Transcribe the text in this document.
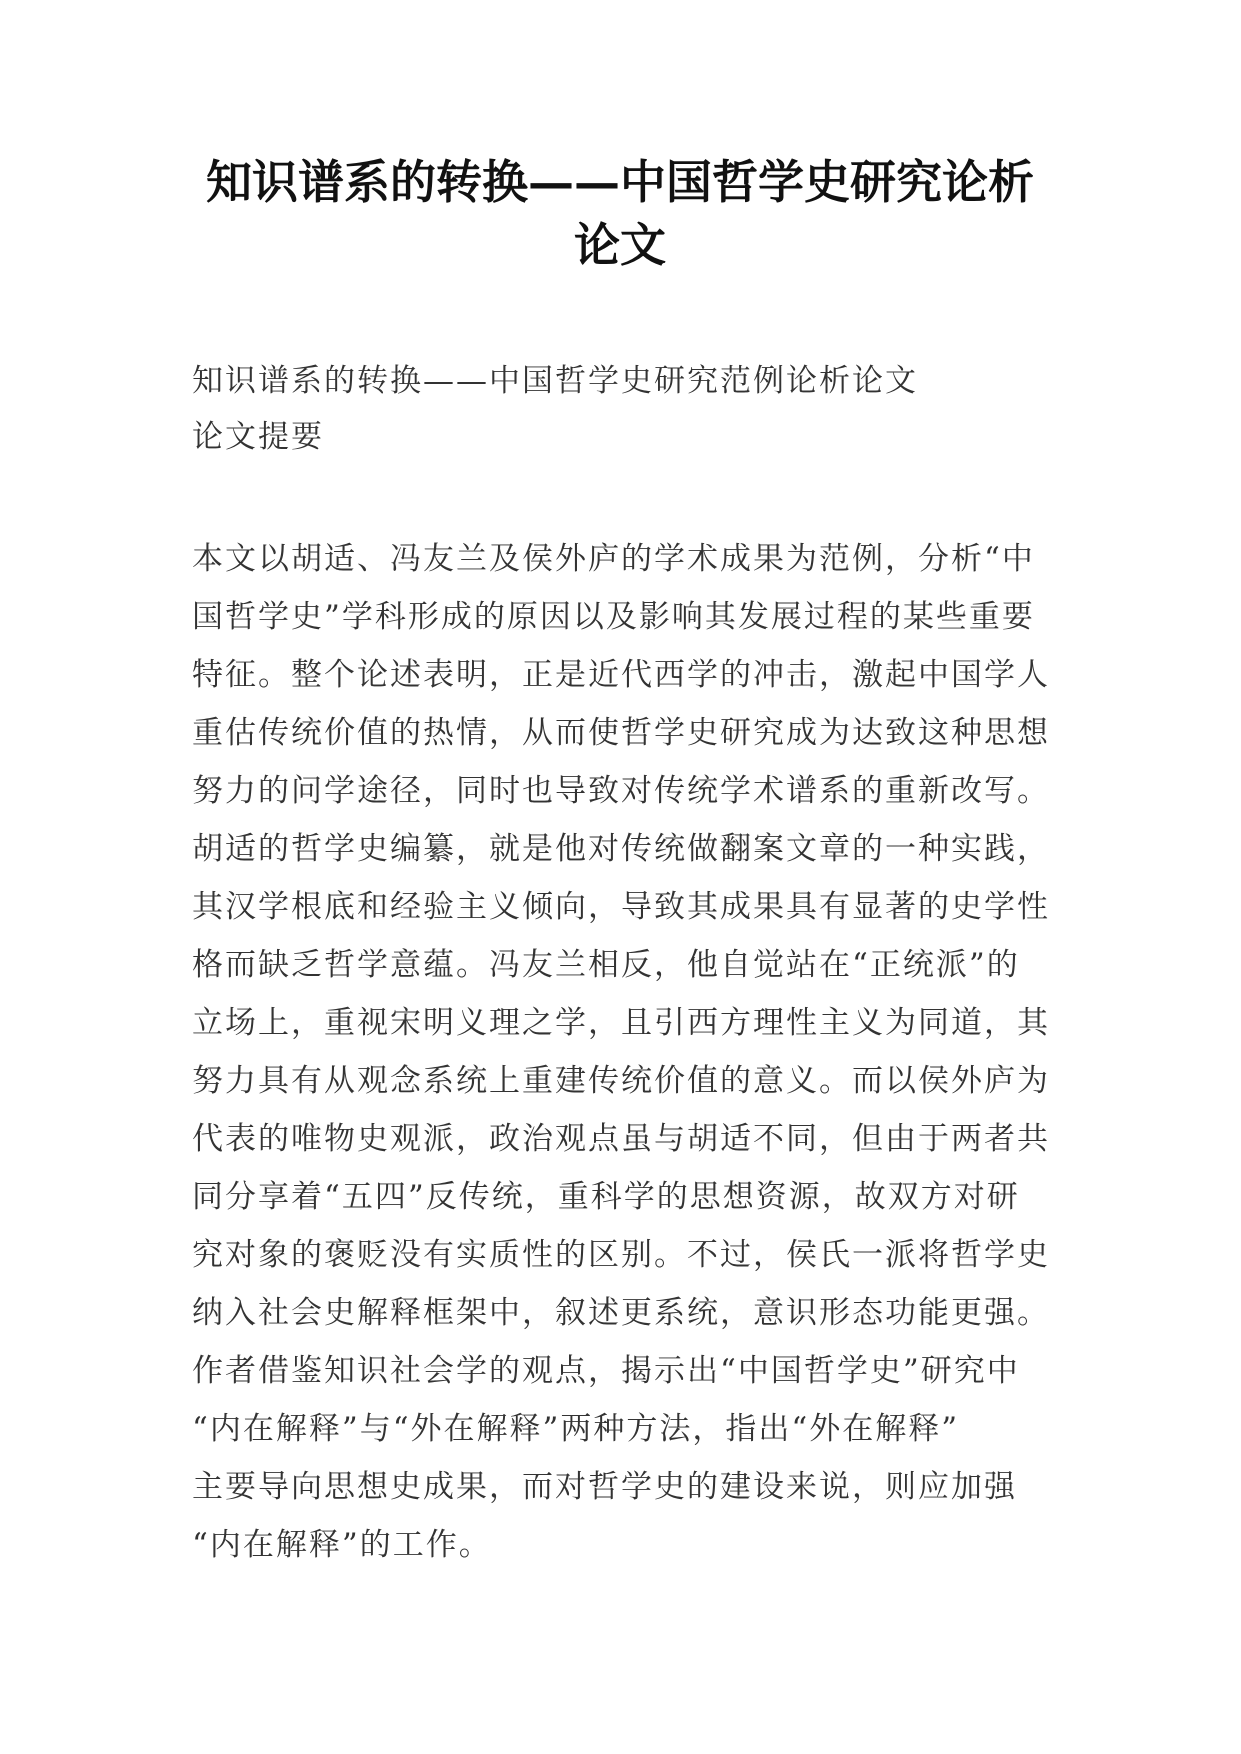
知识谱系的转换——中国哲学史研究论析
论文

知识谱系的转换——中国哲学史研究范例论析论文

论文提要

本文以胡适、冯友兰及侯外庐的学术成果为范例，分析“中
国哲学史”学科形成的原因以及影响其发展过程的某些重要
特征。整个论述表明，正是近代西学的冲击，激起中国学人
重估传统价值的热情，从而使哲学史研究成为达致这种思想
努力的问学途径，同时也导致对传统学术谱系的重新改写。
胡适的哲学史编纂，就是他对传统做翻案文章的一种实践，
其汉学根底和经验主义倾向，导致其成果具有显著的史学性
格而缺乏哲学意蕴。冯友兰相反，他自觉站在“正统派”的
立场上，重视宋明义理之学，且引西方理性主义为同道，其
努力具有从观念系统上重建传统价值的意义。而以侯外庐为
代表的唯物史观派，政治观点虽与胡适不同，但由于两者共
同分享着“五四”反传统，重科学的思想资源，故双方对研
究对象的褒贬没有实质性的区别。不过，侯氏一派将哲学史
纳入社会史解释框架中，叙述更系统，意识形态功能更强。
作者借鉴知识社会学的观点，揭示出“中国哲学史”研究中
“内在解释”与“外在解释”两种方法，指出“外在解释”
主要导向思想史成果，而对哲学史的建设来说，则应加强
“内在解释”的工作。
